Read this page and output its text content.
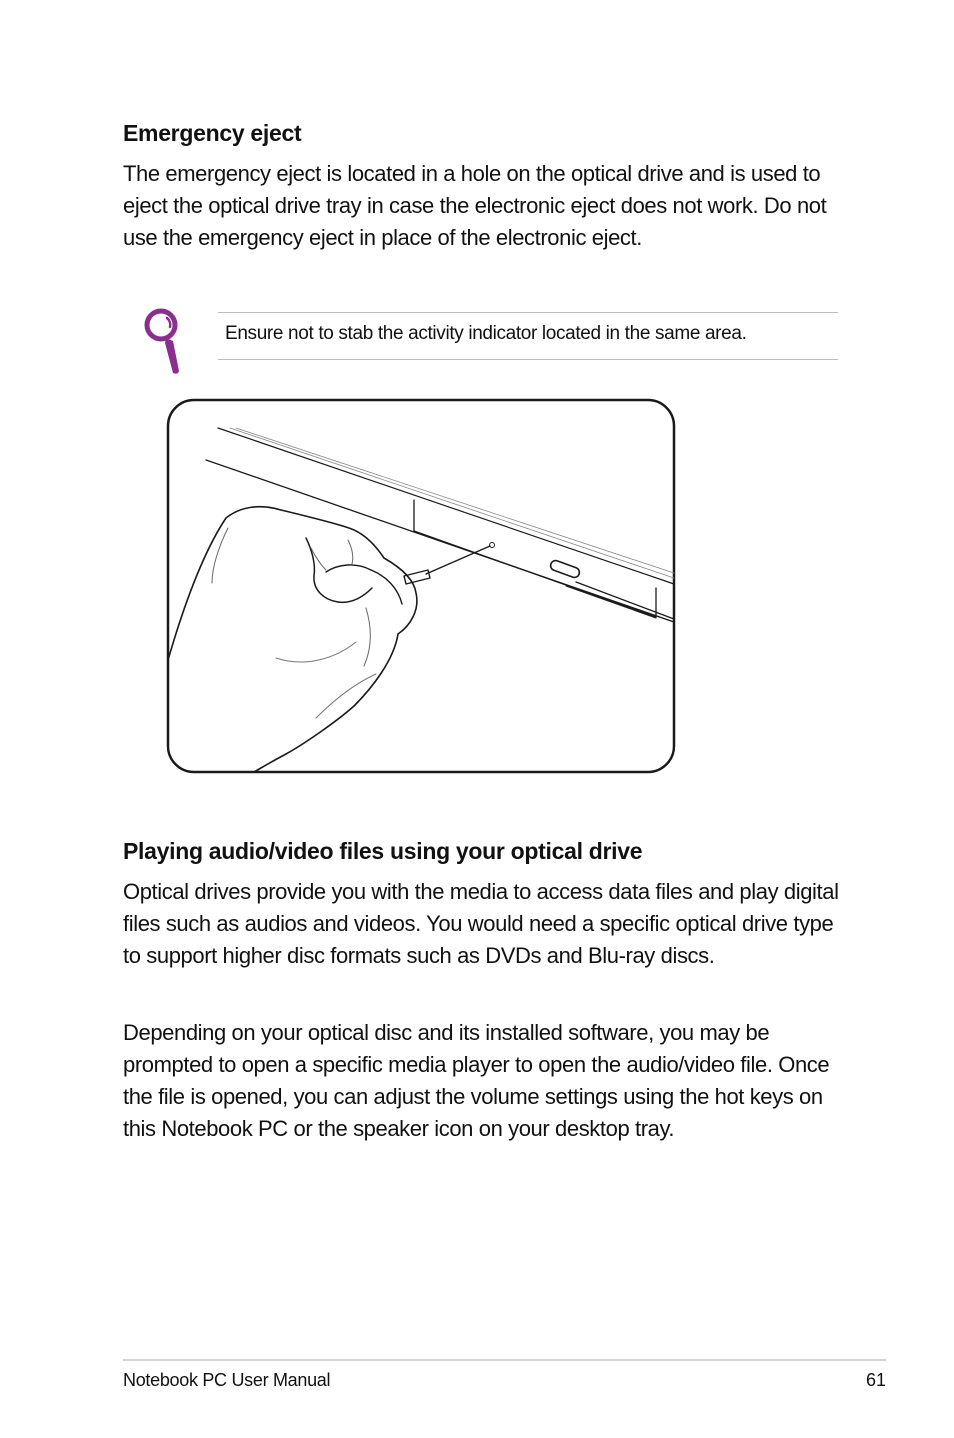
Emergency eject

The emergency eject is located in a hole on the optical drive and is used to eject the optical drive tray in case the electronic eject does not work. Do not use the emergency eject in place of the electronic eject.

Ensure not to stab the activity indicator located in the same area.
Playing audio/video files using your optical drive

Optical drives provide you with the media to access data files and play digital files such as audios and videos. You would need a specific optical drive type to support higher disc formats such as DVDs and Blu-ray discs.

Depending on your optical disc and its installed software, you may be prompted to open a specific media player to open the audio/video file. Once the file is opened, you can adjust the volume settings using the hot keys on this Notebook PC or the speaker icon on your desktop tray.

Notebook PC User Manual	61
